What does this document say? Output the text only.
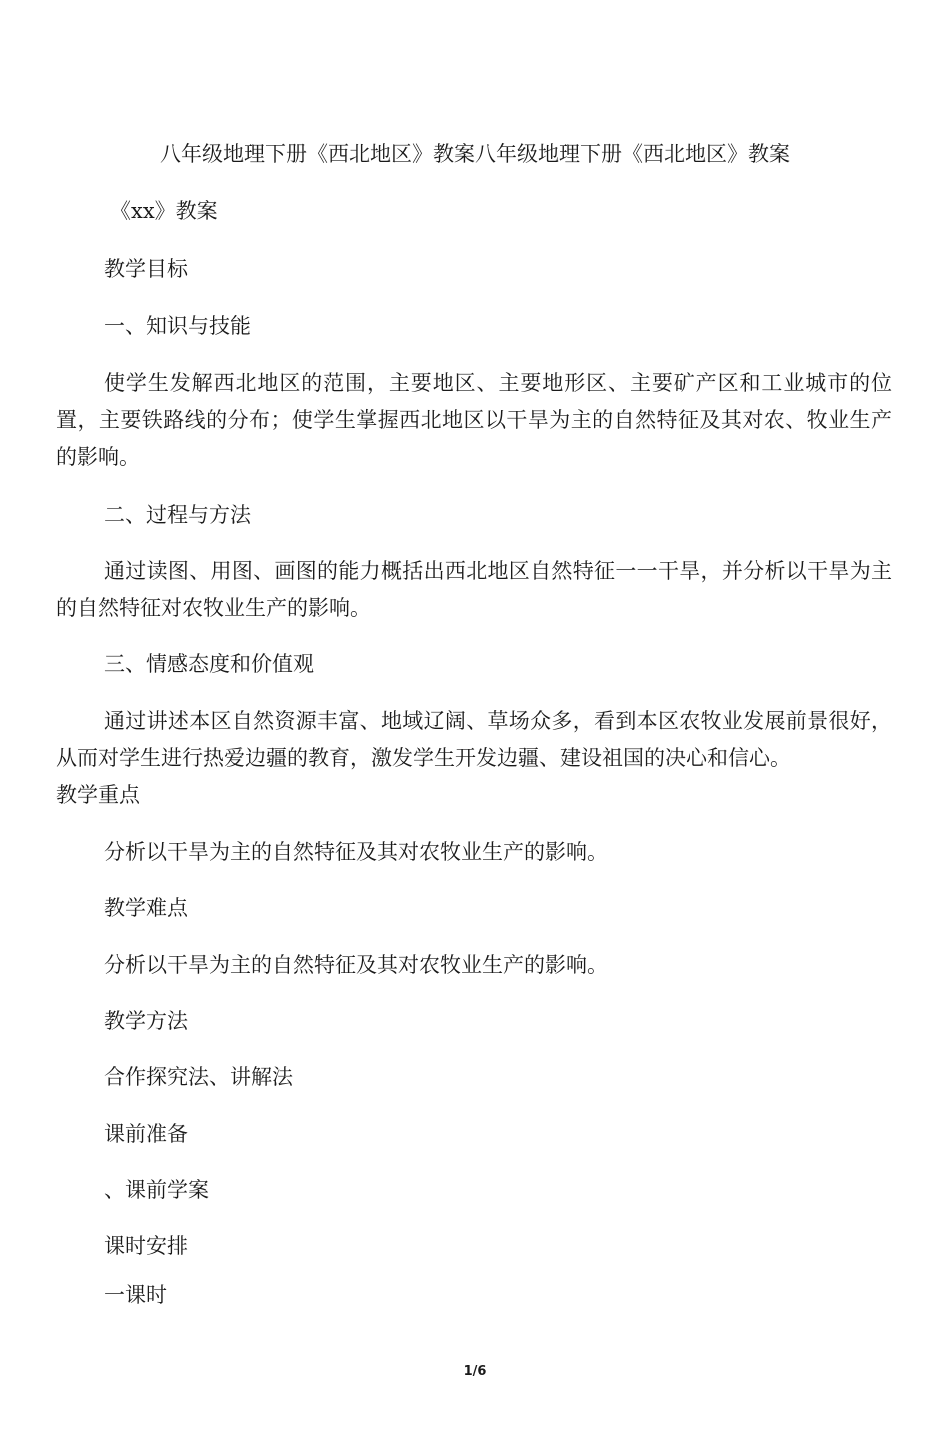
八年级地理下册《西北地区》教案八年级地理下册《西北地区》教案
《xx》教案
教学目标
一、知识与技能

使学生发解西北地区的范围，主要地区、主要地形区、主要矿产区和工业城市的位置，主要铁路线的分布；使学生掌握西北地区以干旱为主的自然特征及其对农、牧业生产的影响。

二、过程与方法

通过读图、用图、画图的能力概括出西北地区自然特征一一干旱，并分析以干旱为主的自然特征对农牧业生产的影响。

三、情感态度和价值观

通过讲述本区自然资源丰富、地域辽阔、草场众多，看到本区农牧业发展前景很好，从而对学生进行热爱边疆的教育，激发学生开发边疆、建设祖国的决心和信心。

教学重点
分析以干旱为主的自然特征及其对农牧业生产的影响。
教学难点
分析以干旱为主的自然特征及其对农牧业生产的影响。
教学方法
合作探究法、讲解法
课前准备
、课前学案
课时安排
一课时
1/6
